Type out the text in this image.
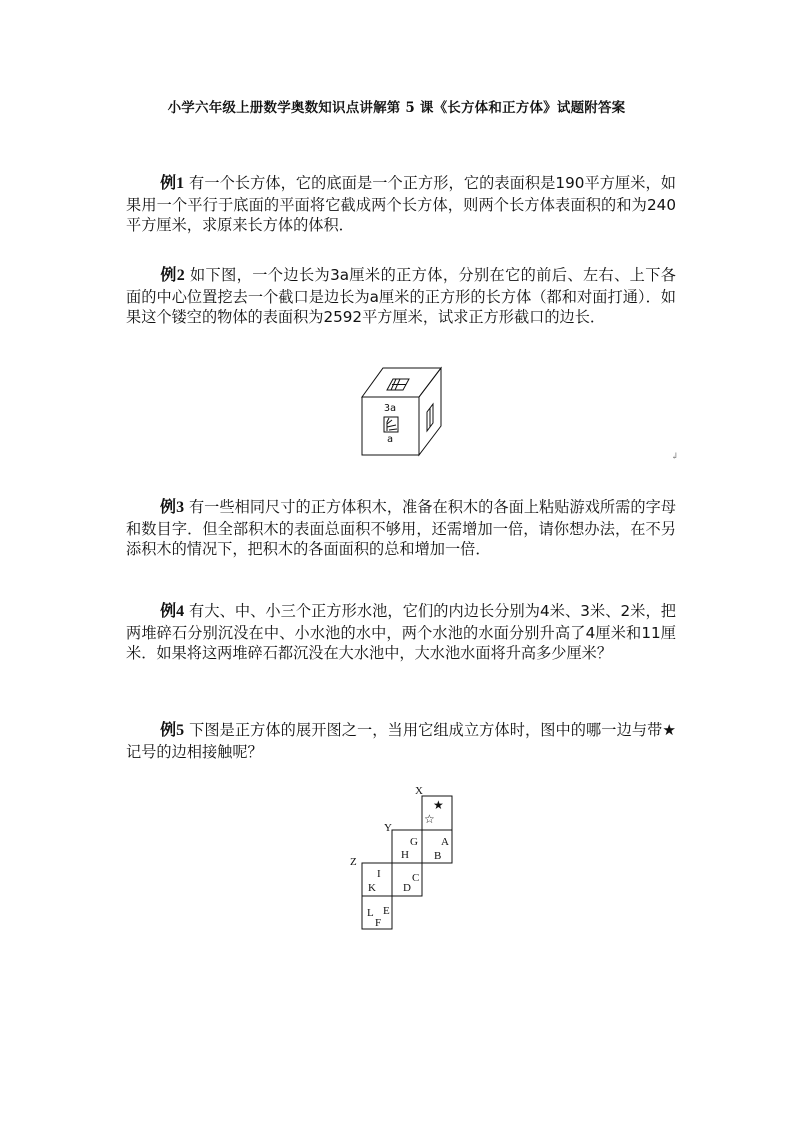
小学六年级上册数学奥数知识点讲解第 5 课《长方体和正方体》试题附答案
例1 有一个长方体，它的底面是一个正方形，它的表面积是190平方厘米，如果用一个平行于底面的平面将它截成两个长方体，则两个长方体表面积的和为240平方厘米，求原来长方体的体积．
例2 如下图，一个边长为3a厘米的正方体，分别在它的前后、左右、上下各面的中心位置挖去一个截口是边长为a厘米的正方形的长方体（都和对面打通）．如果这个镂空的物体的表面积为2592平方厘米，试求正方形截口的边长．
3a
a
↲
例3 有一些相同尺寸的正方体积木，准备在积木的各面上粘贴游戏所需的字母和数目字．但全部积木的表面总面积不够用，还需增加一倍，请你想办法，在不另添积木的情况下，把积木的各面面积的总和增加一倍．
例4 有大、中、小三个正方形水池，它们的内边长分别为4米、3米、2米，把两堆碎石分别沉没在中、小水池的水中，两个水池的水面分别升高了4厘米和11厘米．如果将这两堆碎石都沉没在大水池中，大水池水面将升高多少厘米？
例5 下图是正方体的展开图之一，当用它组成立方体时，图中的哪一边与带★记号的边相接触呢？
X
Y
Z
G A
H B
I	C
K D
L E
F
★
☆
